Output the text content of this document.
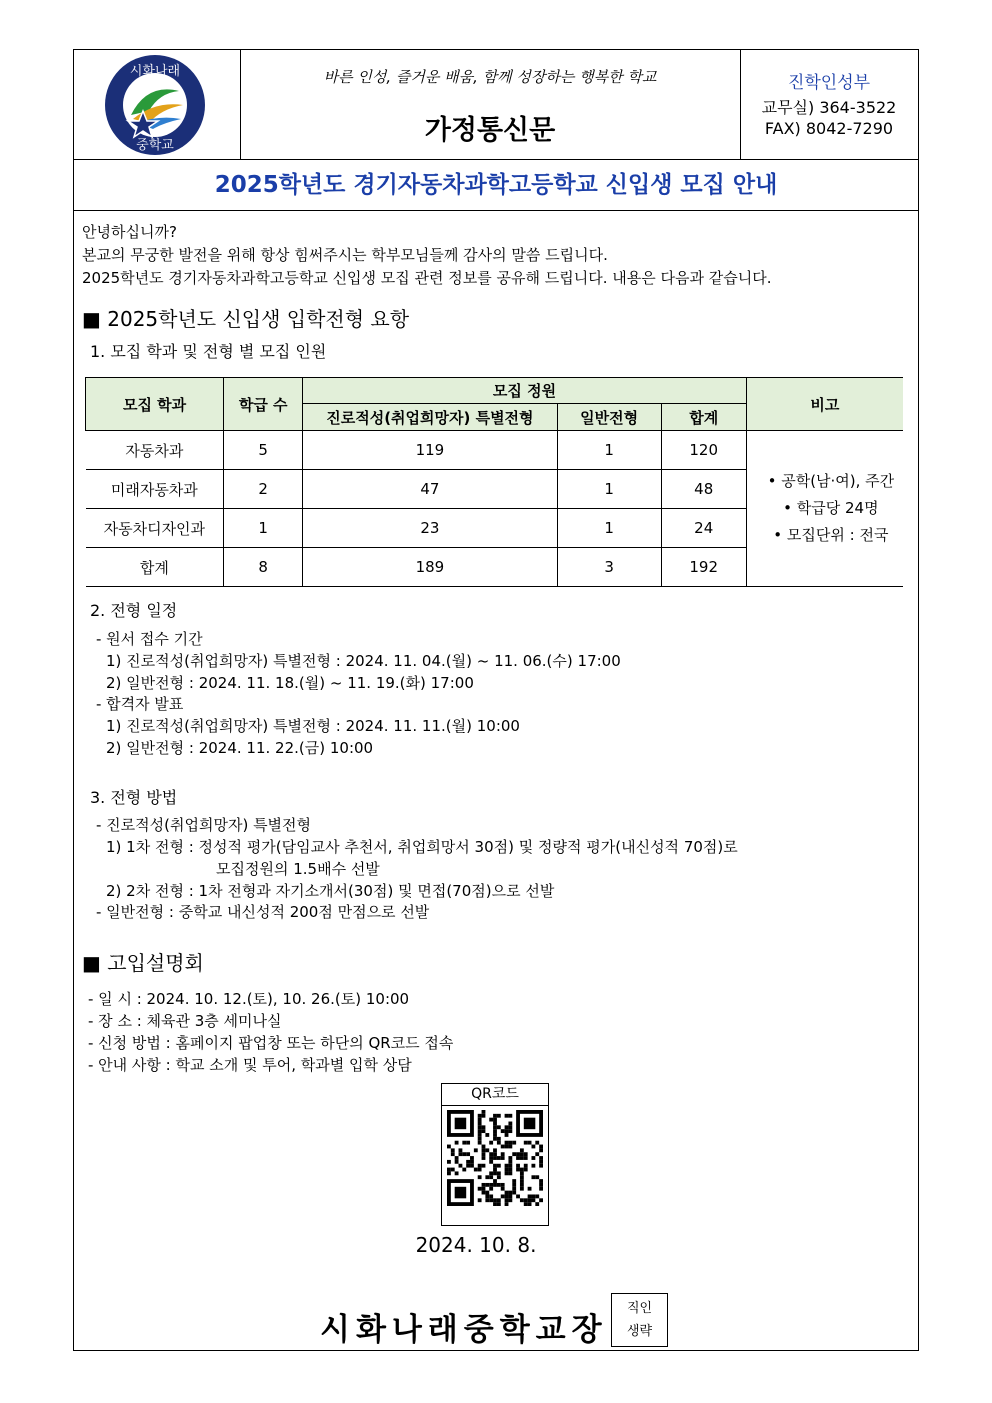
시화나래
중학교
바른 인성, 즐거운 배움, 함께 성장하는 행복한 학교
가정통신문
진학인성부
교무실) 364-3522
FAX) 8042-7290
2025학년도 경기자동차과학고등학교 신입생 모집 안내
안녕하십니까?
본교의 무궁한 발전을 위해 항상 힘써주시는 학부모님들께 감사의 말씀 드립니다.
2025학년도 경기자동차과학고등학교 신입생 모집 관련 정보를 공유해 드립니다. 내용은 다음과 같습니다.
■ 2025학년도 신입생 입학전형 요항
1. 모집 학과 및 전형 별 모집 인원
모집 학과	학급 수	모집 정원			비고
		진로적성(취업희망자) 특별전형	일반전형	합계	
자동차과	5	119	1	120	• 공학(남·여), 주간
• 학급당 24명
• 모집단위 : 전국

미래자동차과	2	47	1	48	
자동차디자인과	1	23	1	24	
합계	8	189	3	192	
2. 전형 일정
- 원서 접수 기간
1) 진로적성(취업희망자) 특별전형 : 2024. 11. 04.(월) ~ 11. 06.(수) 17:00
2) 일반전형 : 2024. 11. 18.(월) ~ 11. 19.(화) 17:00
- 합격자 발표
1) 진로적성(취업희망자) 특별전형 : 2024. 11. 11.(월) 10:00
2) 일반전형 : 2024. 11. 22.(금) 10:00
3. 전형 방법
- 진로적성(취업희망자) 특별전형
1) 1차 전형 : 정성적 평가(담임교사 추천서, 취업희망서 30점) 및 정량적 평가(내신성적 70점)로
모집정원의 1.5배수 선발
2) 2차 전형 : 1차 전형과 자기소개서(30점) 및 면접(70점)으로 선발
- 일반전형 : 중학교 내신성적 200점 만점으로 선발
■ 고입설명회
- 일 시 : 2024. 10. 12.(토), 10. 26.(토) 10:00
- 장 소 : 체육관 3층 세미나실
- 신청 방법 : 홈페이지 팝업창 또는 하단의 QR코드 접속
- 안내 사항 : 학교 소개 및 투어, 학과별 입학 상담
QR코드
2024. 10. 8.
시화나래중학교장
직인
생략
